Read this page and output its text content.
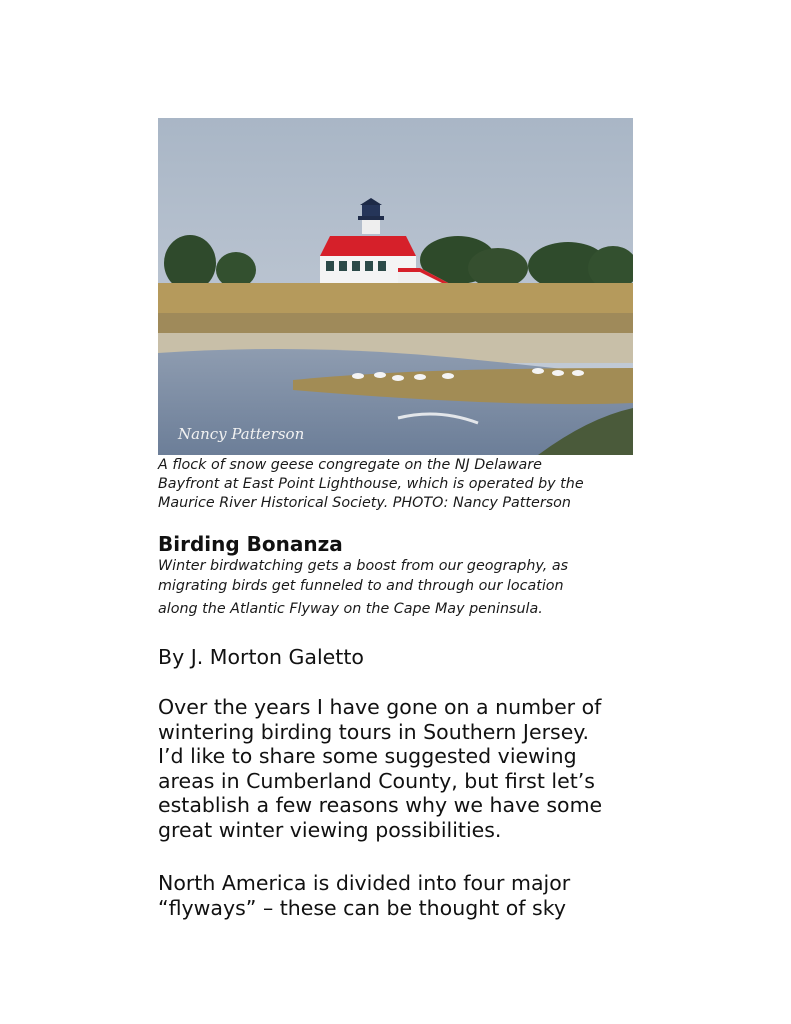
Nancy Patterson
A flock of snow geese congregate on the NJ Delaware
Bayfront at East Point Lighthouse, which is operated by the
Maurice River Historical Society. PHOTO: Nancy Patterson
Birding Bonanza
Winter birdwatching gets a boost from our geography, as
migrating birds get funneled to and through our location
along the Atlantic Flyway on the Cape May peninsula.
By J. Morton Galetto
Over the years I have gone on a number of
wintering birding tours in Southern Jersey.
I’d like to share some suggested viewing
areas in Cumberland County, but first let’s
establish a few reasons why we have some
great winter viewing possibilities.
North America is divided into four major
“flyways” – these can be thought of sky
